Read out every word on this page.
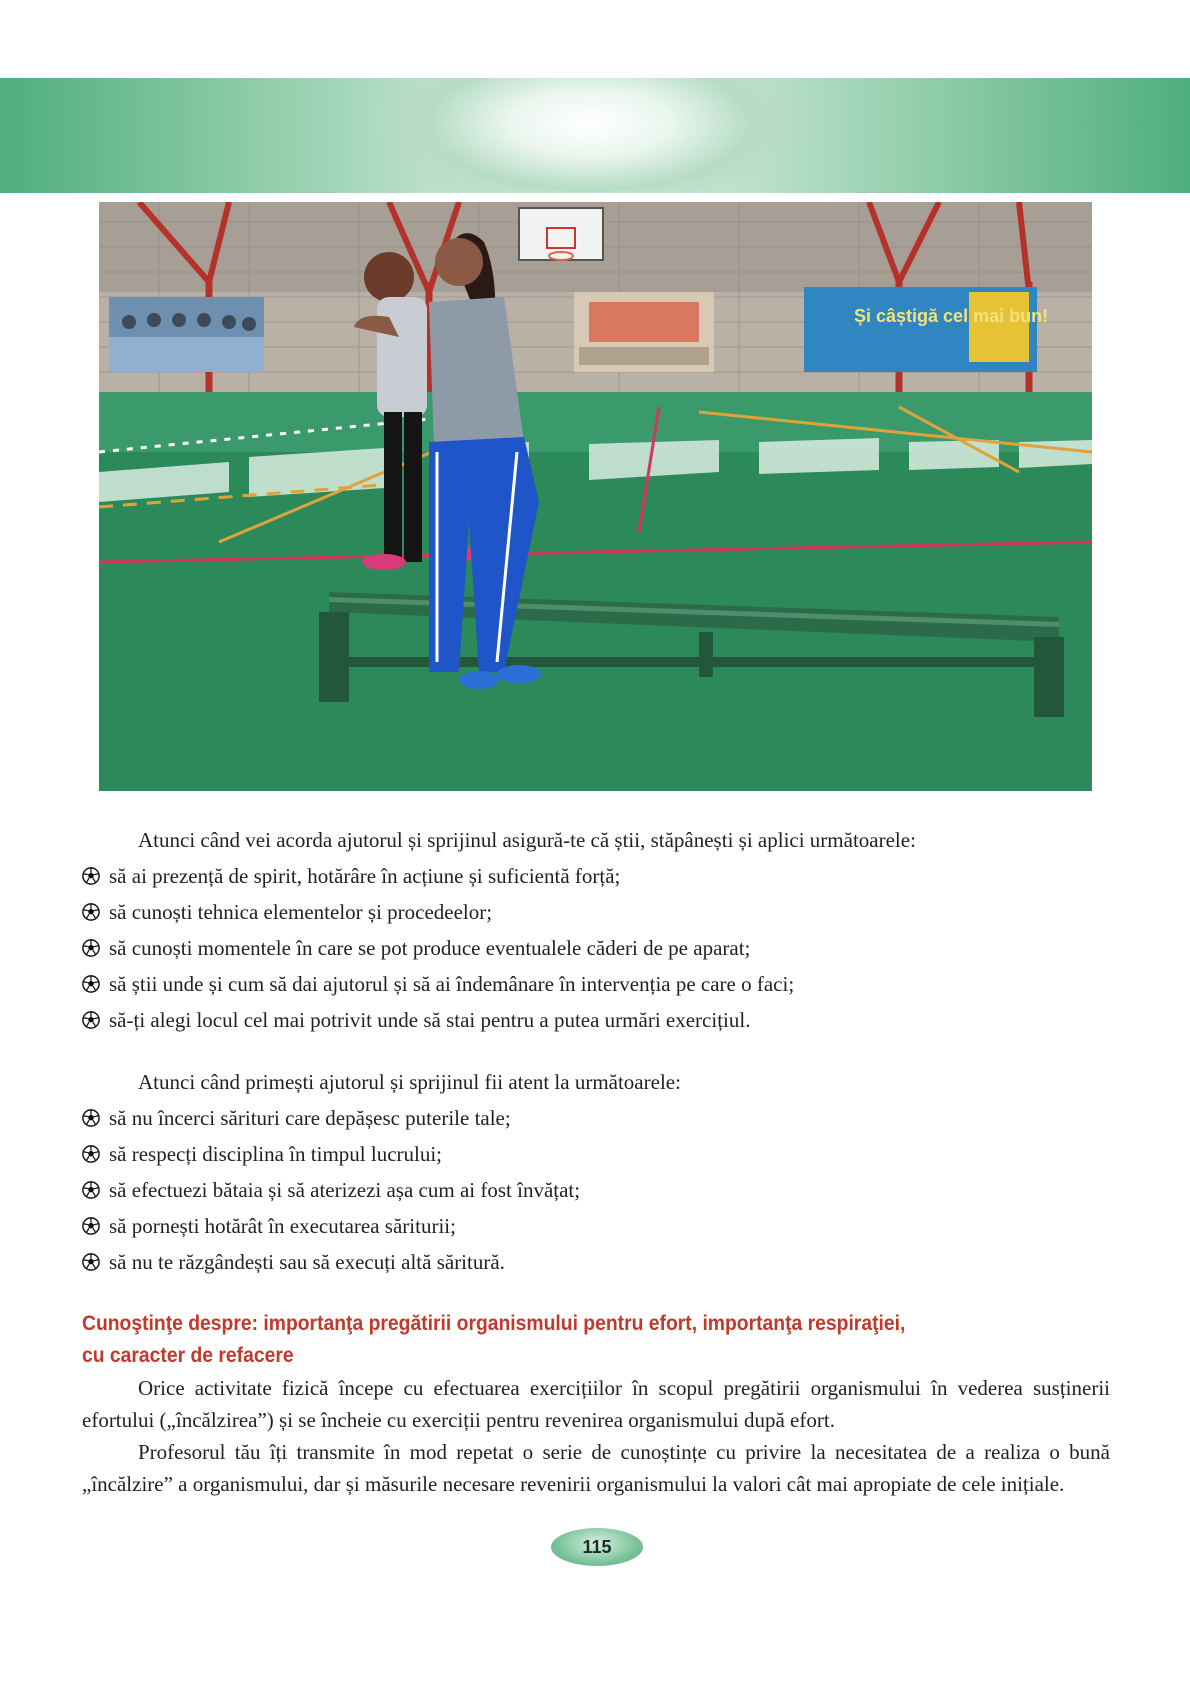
Și câștigă cel mai bun!

Atunci când vei acorda ajutorul și sprijinul asigură-te că știi, stăpânești și aplici următoarele:

să ai prezență de spirit, hotărâre în acțiune și suficientă forță;
să cunoști tehnica elementelor și procedeelor;
să cunoști momentele în care se pot produce eventualele căderi de pe aparat;
să știi unde și cum să dai ajutorul și să ai îndemânare în intervenția pe care o faci;
să-ți alegi locul cel mai potrivit unde să stai pentru a putea urmări exercițiul.

Atunci când primești ajutorul și sprijinul fii atent la următoarele:

să nu încerci sărituri care depășesc puterile tale;
să respecți disciplina în timpul lucrului;
să efectuezi bătaia și să aterizezi așa cum ai fost învățat;
să pornești hotărât în executarea săriturii;
să nu te răzgândești sau să execuți altă săritură.
Cunoştinţe despre: importanţa pregătirii organismului pentru efort, importanţa respiraţiei,
cu caracter de refacere

Orice activitate fizică începe cu efectuarea exercițiilor în scopul pregătirii organismului în vederea susținerii efortului („încălzirea”) și se încheie cu exerciții pentru revenirea organismului după efort.

Profesorul tău îți transmite în mod repetat o serie de cunoștințe cu privire la necesitatea de a realiza o bună „încălzire” a organismului, dar și măsurile necesare revenirii organismului la valori cât mai apropiate de cele inițiale.

115
